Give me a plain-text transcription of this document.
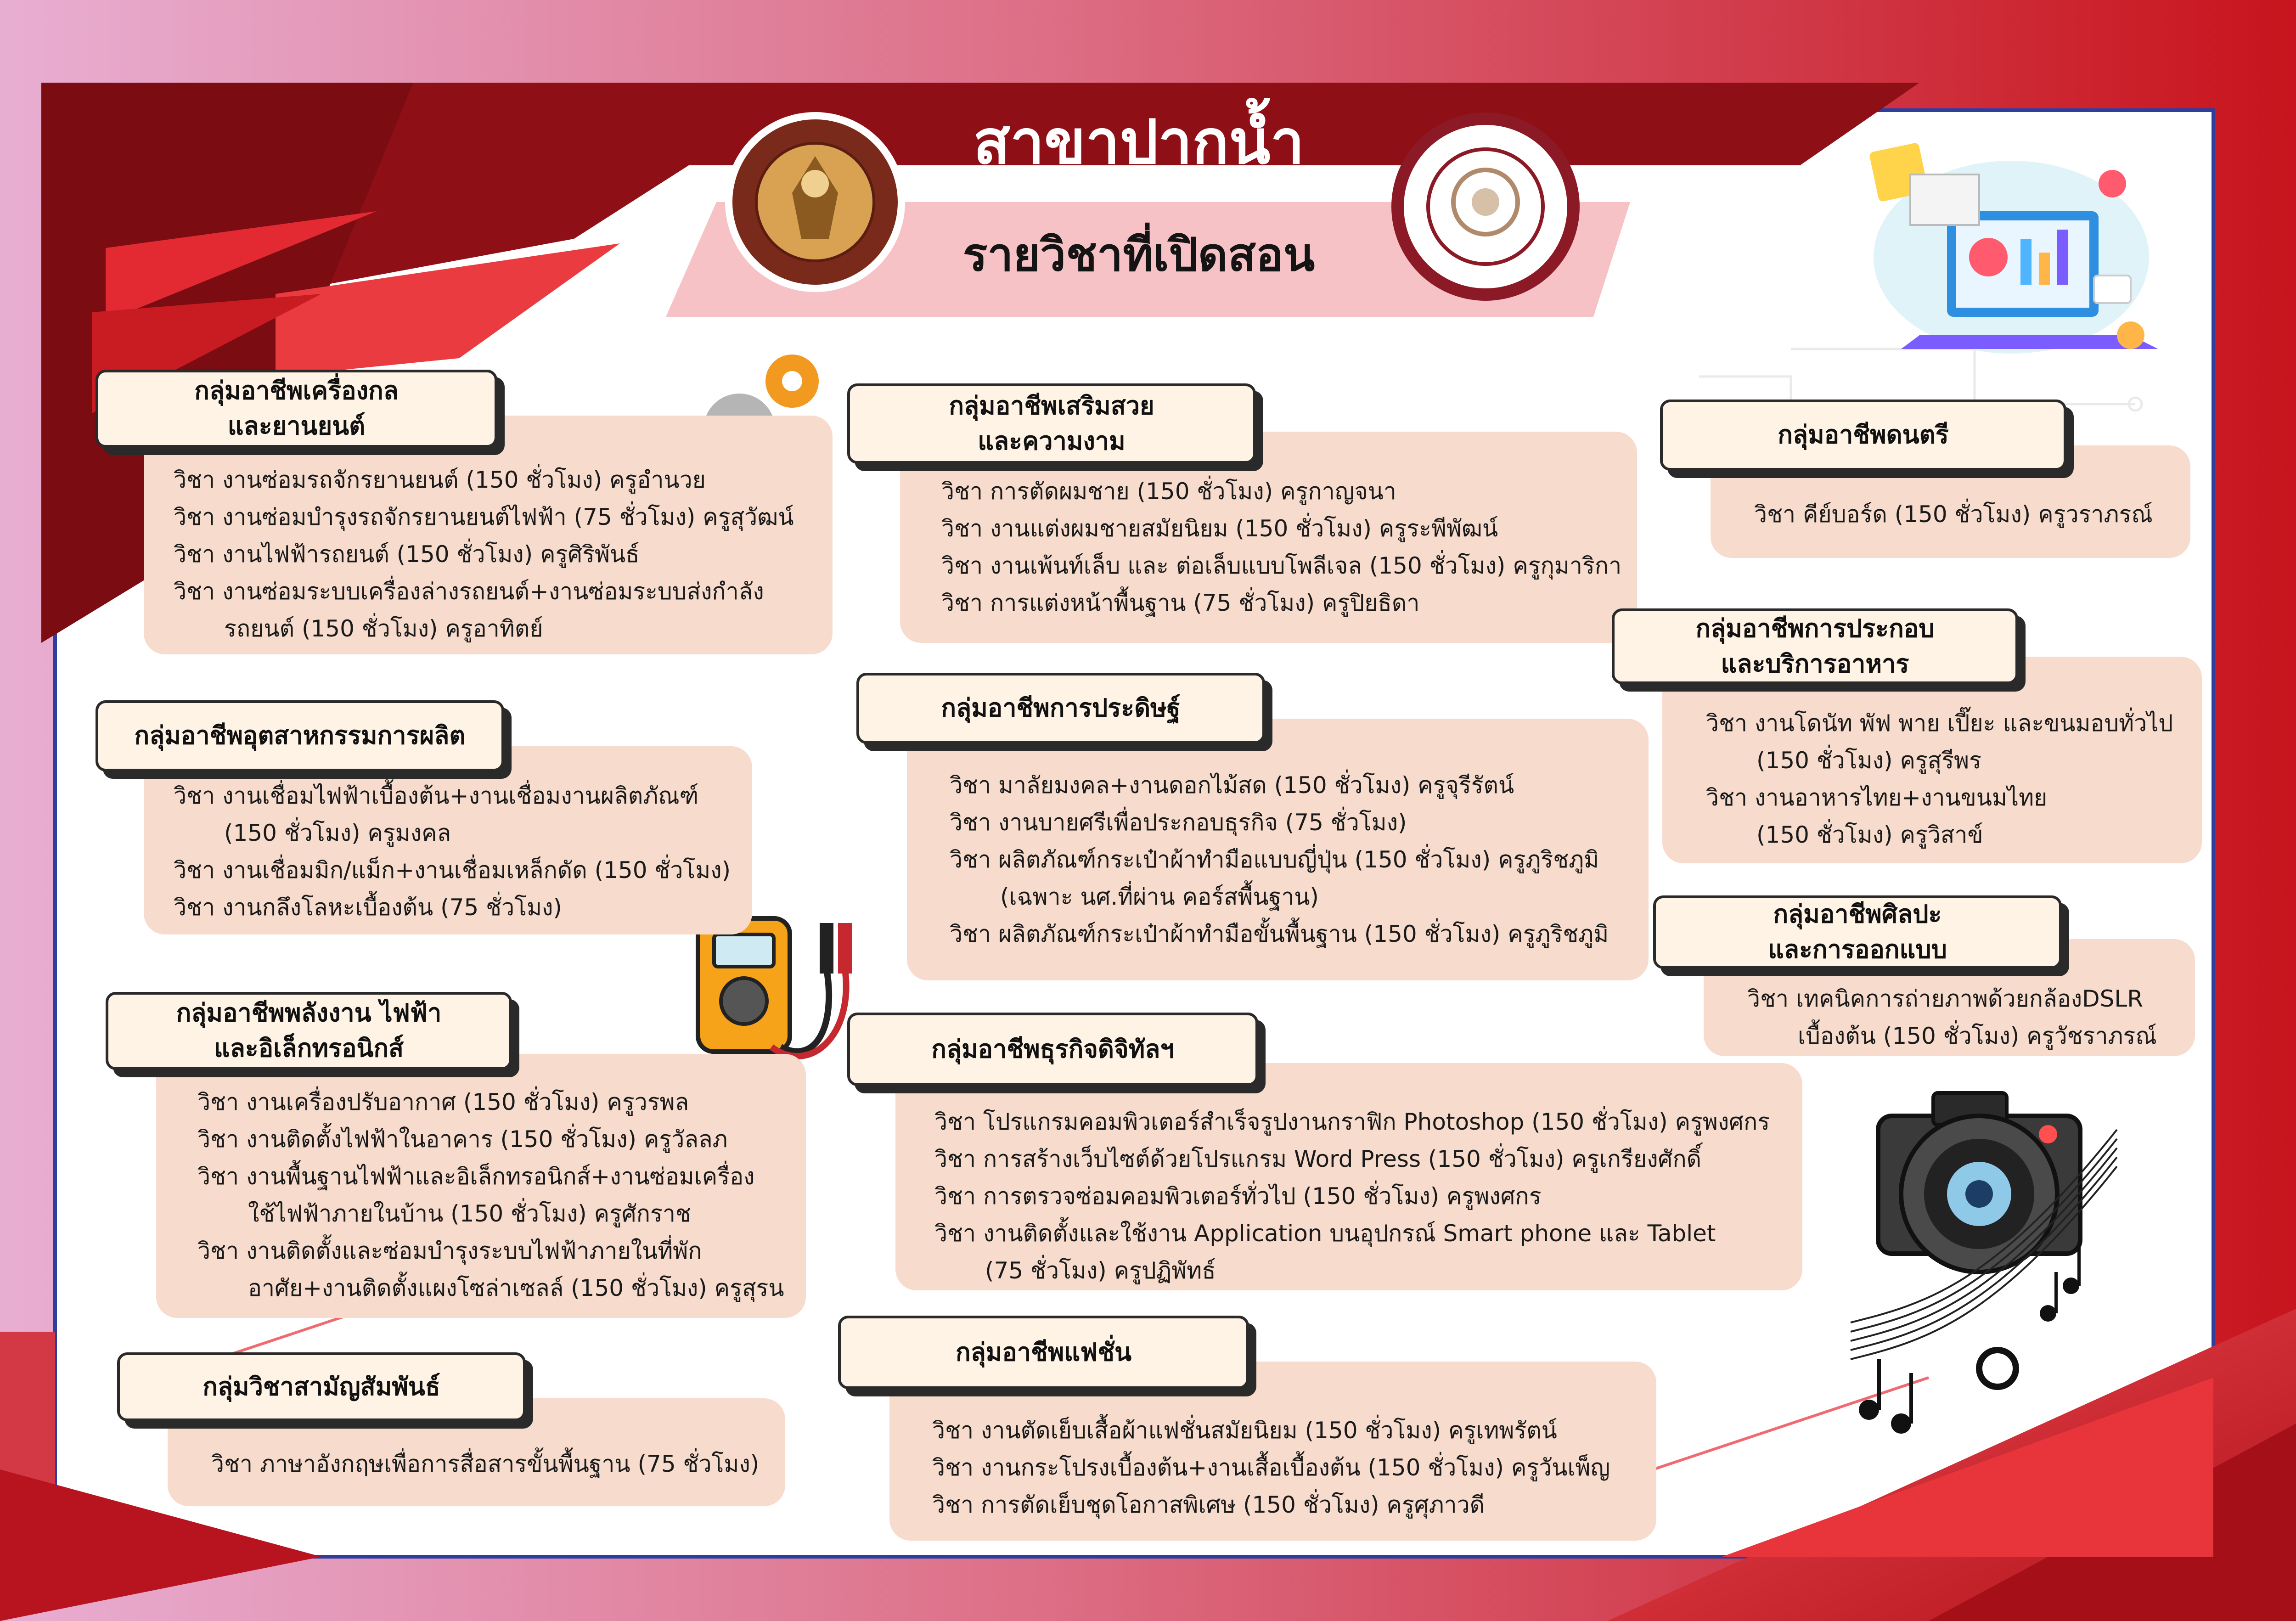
สาขาปากน้ำ
รายวิชาที่เปิดสอน
กลุ่มอาชีพเครื่องกล
และยานยนต์
กลุ่มอาชีพอุตสาหกรรมการผลิต
กลุ่มอาชีพพลังงาน ไฟฟ้า
และอิเล็กทรอนิกส์
กลุ่มวิชาสามัญสัมพันธ์
กลุ่มอาชีพเสริมสวย
และความงาม
กลุ่มอาชีพการประดิษฐ์
กลุ่มอาชีพธุรกิจดิจิทัลฯ
กลุ่มอาชีพแฟชั่น
กลุ่มอาชีพดนตรี
กลุ่มอาชีพการประกอบ
และบริการอาหาร
กลุ่มอาชีพศิลปะ
และการออกแบบ
วิชา งานซ่อมรถจักรยานยนต์ (150 ชั่วโมง) ครูอำนวย
วิชา งานซ่อมบำรุงรถจักรยานยนต์ไฟฟ้า (75 ชั่วโมง) ครูสุวัฒน์
วิชา งานไฟฟ้ารถยนต์ (150 ชั่วโมง) ครูศิริพันธ์
วิชา งานซ่อมระบบเครื่องล่างรถยนต์+งานซ่อมระบบส่งกำลัง
รถยนต์ (150 ชั่วโมง) ครูอาทิตย์
วิชา งานเชื่อมไฟฟ้าเบื้องต้น+งานเชื่อมงานผลิตภัณฑ์
(150 ชั่วโมง) ครูมงคล
วิชา งานเชื่อมมิก/แม็ก+งานเชื่อมเหล็กดัด (150 ชั่วโมง)
วิชา งานกลึงโลหะเบื้องต้น (75 ชั่วโมง)
วิชา งานเครื่องปรับอากาศ (150 ชั่วโมง) ครูวรพล
วิชา งานติดตั้งไฟฟ้าในอาคาร (150 ชั่วโมง) ครูวัลลภ
วิชา งานพื้นฐานไฟฟ้าและอิเล็กทรอนิกส์+งานซ่อมเครื่อง
ใช้ไฟฟ้าภายในบ้าน (150 ชั่วโมง) ครูศักราช
วิชา งานติดตั้งและซ่อมบำรุงระบบไฟฟ้าภายในที่พัก
อาศัย+งานติดตั้งแผงโซล่าเซลล์ (150 ชั่วโมง) ครูสุรน
วิชา ภาษาอังกฤษเพื่อการสื่อสารขั้นพื้นฐาน (75 ชั่วโมง)
วิชา การตัดผมชาย (150 ชั่วโมง) ครูกาญจนา
วิชา งานแต่งผมชายสมัยนิยม (150 ชั่วโมง) ครูระพีพัฒน์
วิชา งานเพ้นท์เล็บ และ ต่อเล็บแบบโพลีเจล (150 ชั่วโมง) ครูกุมาริกา
วิชา การแต่งหน้าพื้นฐาน (75 ชั่วโมง) ครูปิยธิดา
วิชา มาลัยมงคล+งานดอกไม้สด (150 ชั่วโมง) ครูจุรีรัตน์
วิชา งานบายศรีเพื่อประกอบธุรกิจ (75 ชั่วโมง)
วิชา ผลิตภัณฑ์กระเป๋าผ้าทำมือแบบญี่ปุ่น (150 ชั่วโมง) ครูภูริชภูมิ
(เฉพาะ นศ.ที่ผ่าน คอร์สพื้นฐาน)
วิชา ผลิตภัณฑ์กระเป๋าผ้าทำมือขั้นพื้นฐาน (150 ชั่วโมง) ครูภูริชภูมิ
วิชา โปรแกรมคอมพิวเตอร์สำเร็จรูปงานกราฟิก Photoshop (150 ชั่วโมง) ครูพงศกร
วิชา การสร้างเว็บไซต์ด้วยโปรแกรม Word Press (150 ชั่วโมง) ครูเกรียงศักดิ์
วิชา การตรวจซ่อมคอมพิวเตอร์ทั่วไป (150 ชั่วโมง) ครูพงศกร
วิชา งานติดตั้งและใช้งาน Application บนอุปกรณ์ Smart phone และ Tablet
(75 ชั่วโมง) ครูปฏิพัทธ์
วิชา งานตัดเย็บเสื้อผ้าแฟชั่นสมัยนิยม (150 ชั่วโมง) ครูเทพรัตน์
วิชา งานกระโปรงเบื้องต้น+งานเสื้อเบื้องต้น (150 ชั่วโมง) ครูวันเพ็ญ
วิชา การตัดเย็บชุดโอกาสพิเศษ (150 ชั่วโมง) ครูศุภาวดี
วิชา คีย์บอร์ด (150 ชั่วโมง) ครูวราภรณ์
วิชา งานโดนัท พัฟ พาย เปี๊ยะ และขนมอบทั่วไป
(150 ชั่วโมง) ครูสุรีพร
วิชา งานอาหารไทย+งานขนมไทย
(150 ชั่วโมง) ครูวิสาข์
วิชา เทคนิคการถ่ายภาพด้วยกล้องDSLR
เบื้องต้น (150 ชั่วโมง) ครูวัชราภรณ์
